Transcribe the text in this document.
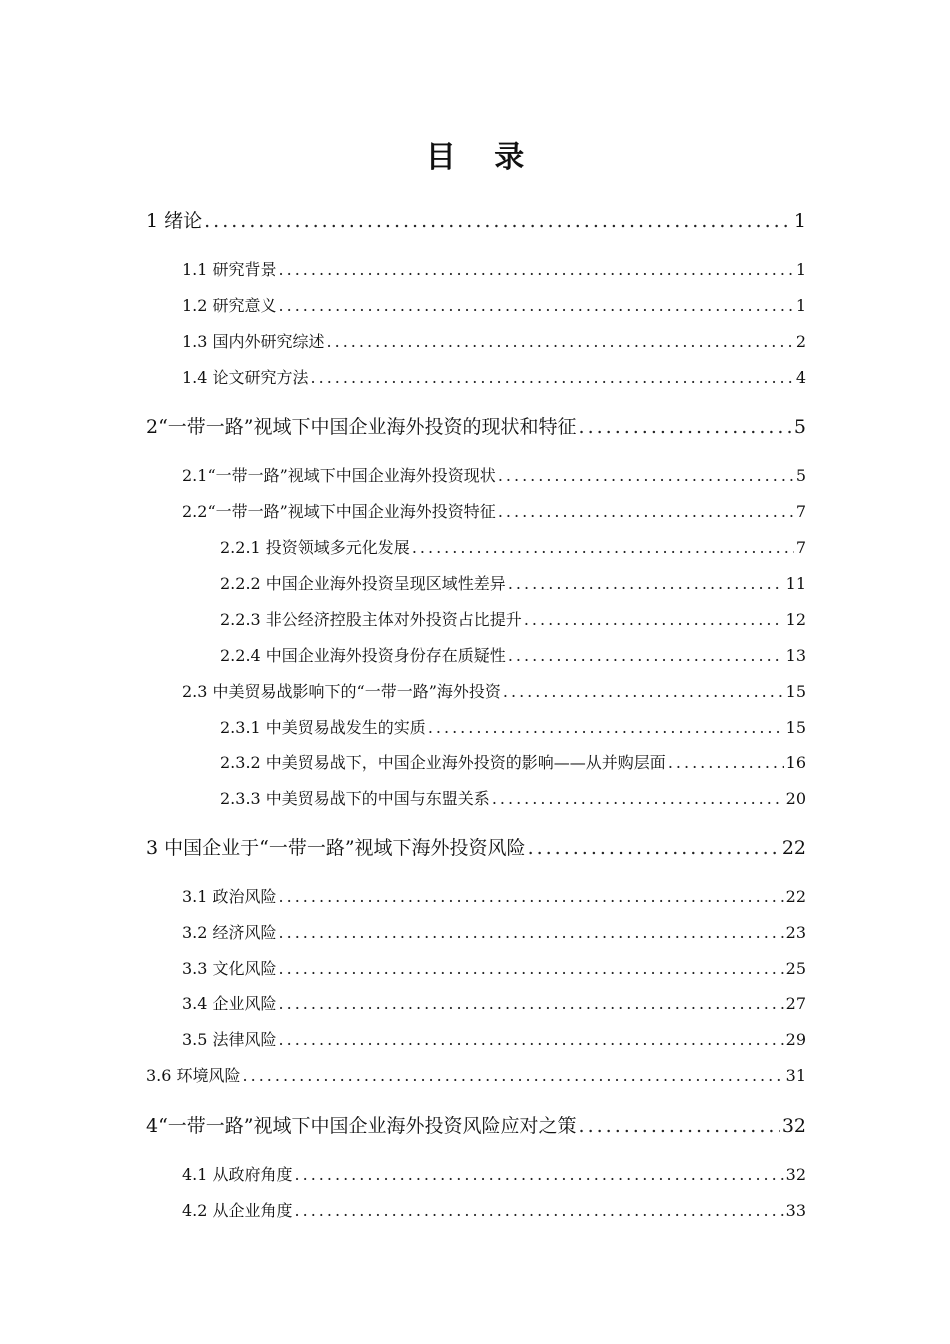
目 录
1 绪论 .....	1
1.1 研究背景 .....	1
1.2 研究意义 .....	1
1.3 国内外研究综述 .....	2
1.4 论文研究方法 .....	4
2“一带一路”视域下中国企业海外投资的现状和特征 .....	5
2.1“一带一路”视域下中国企业海外投资现状 .....	5
2.2“一带一路”视域下中国企业海外投资特征 .....	7
2.2.1 投资领域多元化发展 .....	7
2.2.2 中国企业海外投资呈现区域性差异 .....	11
2.2.3 非公经济控股主体对外投资占比提升 .....	12
2.2.4 中国企业海外投资身份存在质疑性 .....	13
2.3 中美贸易战影响下的“一带一路”海外投资 .....	15
2.3.1 中美贸易战发生的实质 .....	15
2.3.2 中美贸易战下，中国企业海外投资的影响——从并购层面 .....	16
2.3.3 中美贸易战下的中国与东盟关系 .....	20
3 中国企业于“一带一路”视域下海外投资风险 .....	22
3.1 政治风险 .....	22
3.2 经济风险 .....	23
3.3 文化风险 .....	25
3.4 企业风险 .....	27
3.5 法律风险 .....	29
3.6 环境风险 .....	31
4“一带一路”视域下中国企业海外投资风险应对之策 .....	32
4.1 从政府角度 .....	32
4.2 从企业角度 .....	33
